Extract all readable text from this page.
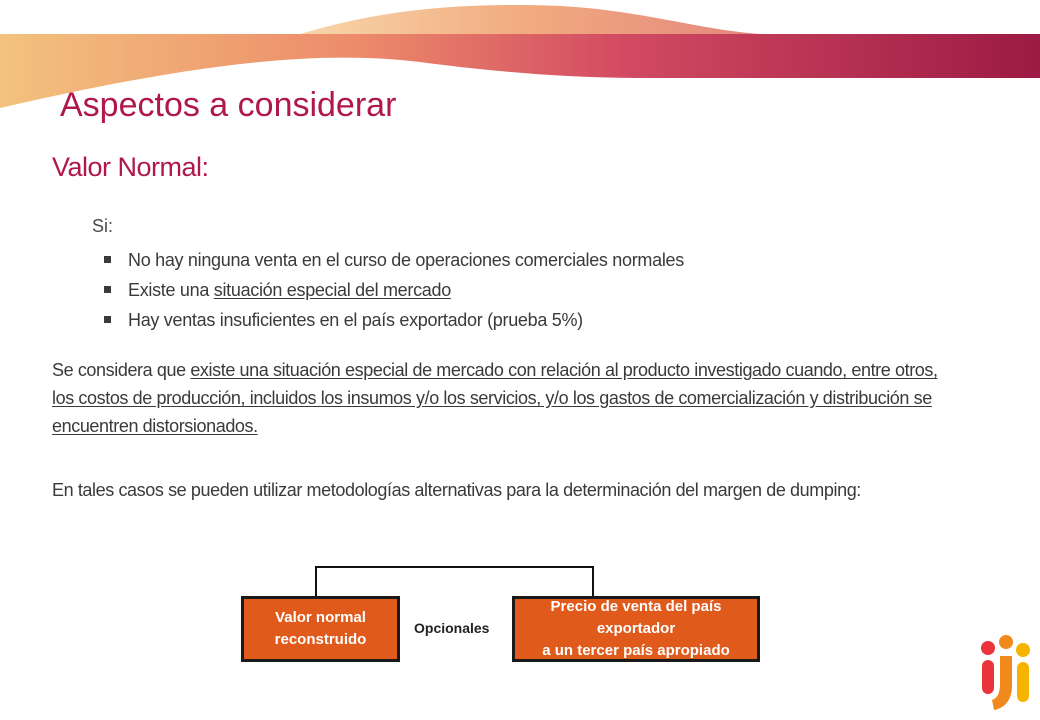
Aspectos a considerar
Valor Normal:
Si:
No hay ninguna venta en el curso de operaciones comerciales normales
Existe una situación especial del mercado
Hay ventas insuficientes en el país exportador (prueba 5%)

Se considera que existe una situación especial de mercado con relación al producto investigado cuando, entre otros, los costos de producción, incluidos los insumos y/o los servicios, y/o los gastos de comercialización y distribución se encuentren distorsionados.

En tales casos se pueden utilizar metodologías alternativas para la determinación del margen de dumping:

Valor normal
reconstruido
Opcionales
Precio de venta del país exportador
a un tercer país apropiado
